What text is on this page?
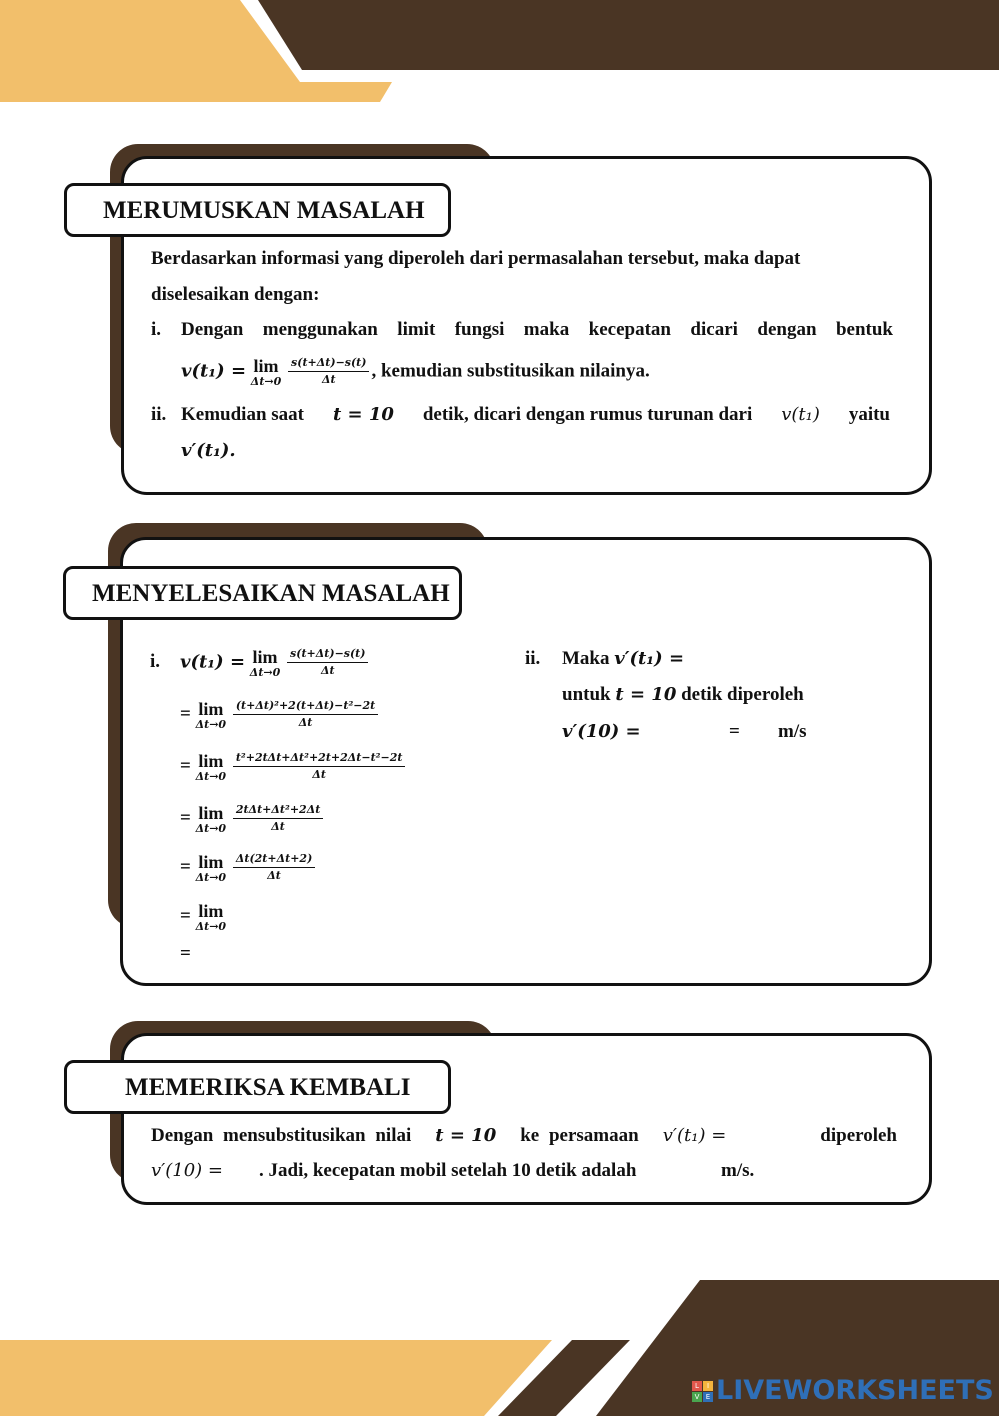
MERUMUSKAN MASALAH
Berdasarkan informasi yang diperoleh dari permasalahan tersebut, maka dapat
diselesaikan dengan:
i. Dengan menggunakan limit fungsi maka kecepatan dicari dengan bentuk
v(t₁) = lim
Δt→0
$\frac{s(t+\Delta t)-s(t)}{\Delta t}$ , kemudian substitusikan nilainya.
ii. Kemudian saat t = 10 detik, dicari dengan rumus turunan dari v(t₁) yaitu
v′(t₁).
MENYELESAIKAN MASALAH
i. v(t₁) = lim
Δt→0
$\frac{s(t+\Delta t)-s(t)}{\Delta t}$
= lim
Δt→0
$\frac{\text{(t+Δt)²+2(t+Δt)−t²−2t}}{\Delta t}$
= lim
Δt→0
$\frac{\text{t²+2tΔt+Δt²+2t+2Δt−t²−2t}}{\Delta t}$
= lim
Δt→0
$\frac{\text{2tΔt+Δt²+2Δt}}{\Delta t}$
= lim
Δt→0
$\frac{\Delta t(2t+\Delta t+2)}{\Delta t}$
= lim
Δt→0
=
ii. Maka v′(t₁) =
untuk t = 10 detik diperoleh
v′(10) =	= m/s
MEMERIKSA KEMBALI
Dengan mensubstitusikan nilai t = 10 ke persamaan v′(t₁) =	diperoleh
v′(10) = . Jadi, kecepatan mobil setelah 10 detik adalah	m/s.
L	I
V E LIVEWORKSHEETS
